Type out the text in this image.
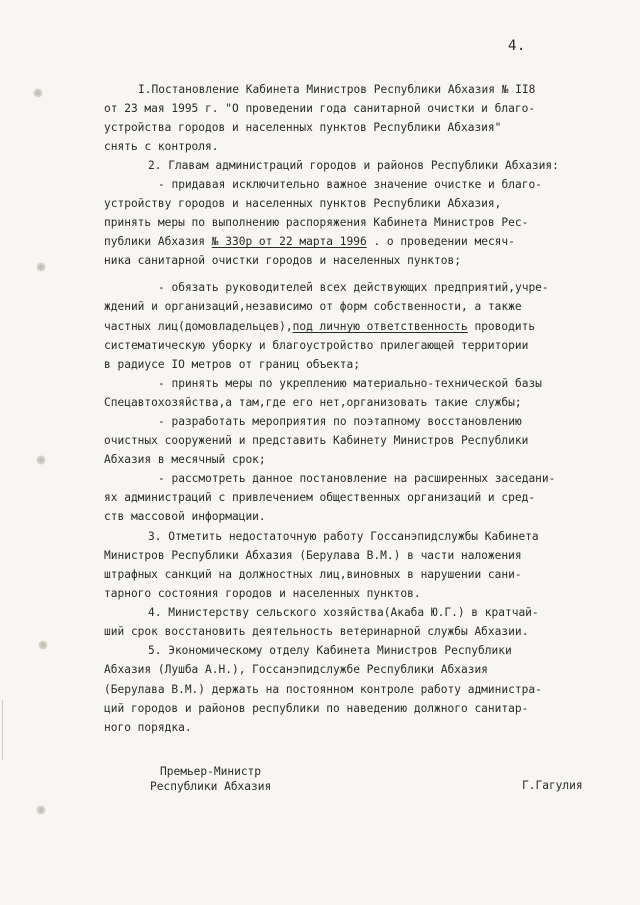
4.
I.Постановление Кабинета Министров Республики Абхазия № II8
от 23 мая 1995 г. "О проведении года санитарной очистки и благо-
устройства городов и населенных пунктов Республики Абхазия"
снять с контроля.
2. Главам администраций городов и районов Республики Абхазия:
- придавая исключительно важное значение очистке и благо-
устройству городов и населенных пунктов Республики Абхазия,
принять меры по выполнению распоряжения Кабинета Министров Рес-
публики Абхазия № 330р от 22 марта 1996 . о проведении месяч-
ника санитарной очистки городов и населенных пунктов;
- обязать руководителей всех действующих предприятий,учре-
ждений и организаций,независимо от форм собственности, а также
частных лиц(домовладельцев),под личную ответственность проводить
систематическую уборку и благоустройство прилегающей территории
в радиусе IO метров от границ объекта;
- принять меры по укреплению материально-технической базы
Спецавтохозяйства,а там,где его нет,организовать такие службы;
- разработать мероприятия по поэтапному восстановлению
очистных сооружений и представить Кабинету Министров Республики
Абхазия в месячный срок;
- рассмотреть данное постановление на расширенных заседани-
ях администраций с привлечением общественных организаций и сред-
ств массовой информации.
3. Отметить недостаточную работу Госсанэпидслужбы Кабинета
Министров Республики Абхазия (Берулава В.М.) в части наложения
штрафных санкций на должностных лиц,виновных в нарушении сани-
тарного состояния городов и населенных пунктов.
4. Министерству сельского хозяйства(Акаба Ю.Г.) в кратчай-
ший срок восстановить деятельность ветеринарной службы Абхазии.
5. Экономическому отделу Кабинета Министров Республики
Абхазия (Лушба А.Н.), Госсанэпидслужбе Республики Абхазия
(Берулава В.М.) держать на постоянном контроле работу администра-
ций городов и районов республики по наведению должного санитар-
ного порядка.
Премьер-Министр
Республики Абхазия	Г.Гагулия
